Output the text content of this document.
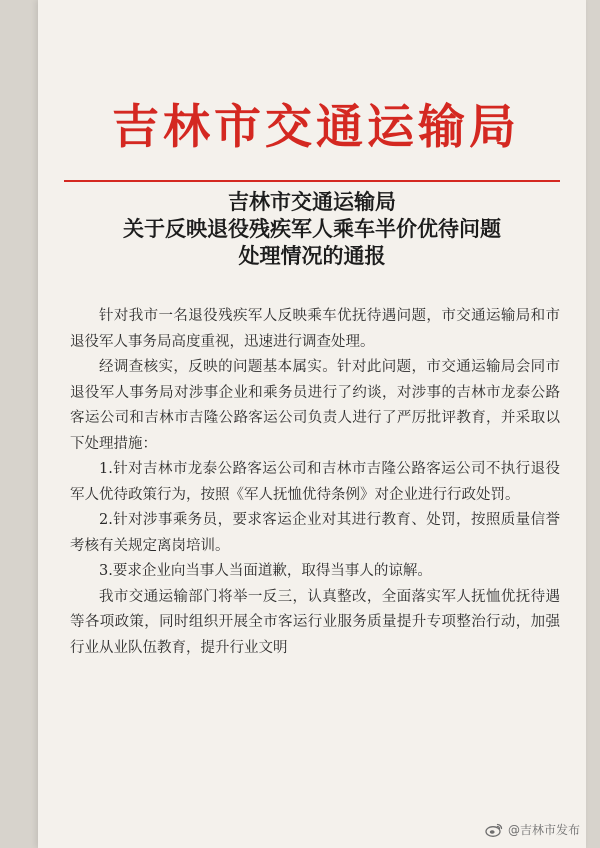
吉林市交通运输局
吉林市交通运输局
关于反映退役残疾军人乘车半价优待问题
处理情况的通报

针对我市一名退役残疾军人反映乘车优抚待遇问题，市交通运输局和市退役军人事务局高度重视，迅速进行调查处理。

经调查核实，反映的问题基本属实。针对此问题，市交通运输局会同市退役军人事务局对涉事企业和乘务员进行了约谈，对涉事的吉林市龙泰公路客运公司和吉林市吉隆公路客运公司负责人进行了严厉批评教育，并采取以下处理措施：

1.针对吉林市龙泰公路客运公司和吉林市吉隆公路客运公司不执行退役军人优待政策行为，按照《军人抚恤优待条例》对企业进行行政处罚。

2.针对涉事乘务员，要求客运企业对其进行教育、处罚，按照质量信誉考核有关规定离岗培训。

3.要求企业向当事人当面道歉，取得当事人的谅解。

我市交通运输部门将举一反三，认真整改，全面落实军人抚恤优抚待遇等各项政策，同时组织开展全市客运行业服务质量提升专项整治行动，加强行业从业队伍教育，提升行业文明

@吉林市发布
